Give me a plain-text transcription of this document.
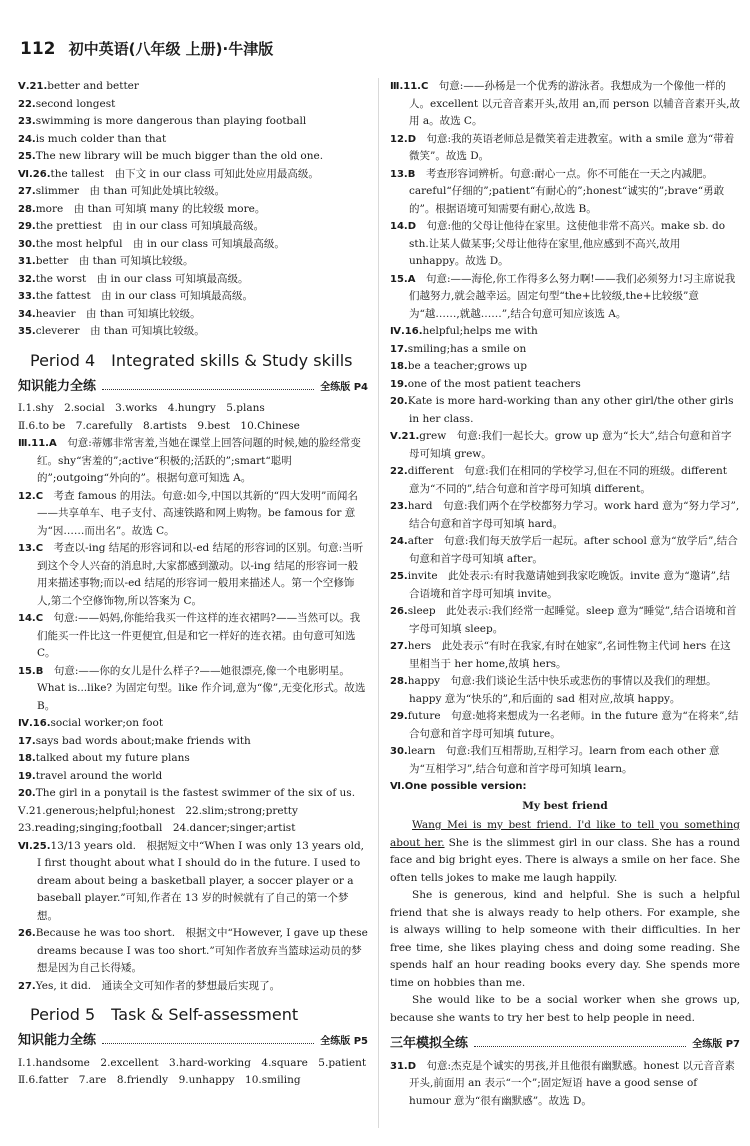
112 初中英语(八年级 上册)·牛津版

Ⅴ.21.better and better

22.second longest

23.swimming is more dangerous than playing football

24.is much colder than that

25.The new library will be much bigger than the old one.

Ⅵ.26.the tallest　由下文 in our class 可知此处应用最高级。

27.slimmer　由 than 可知此处填比较级。

28.more　由 than 可知填 many 的比较级 more。

29.the prettiest　由 in our class 可知填最高级。

30.the most helpful　由 in our class 可知填最高级。

31.better　由 than 可知填比较级。

32.the worst　由 in our class 可知填最高级。

33.the fattest　由 in our class 可知填最高级。

34.heavier　由 than 可知填比较级。

35.cleverer　由 than 可知填比较级。

Period 4　Integrated skills & Study skills
知识能力全练	全练版 P4

Ⅰ.1.shy　2.social　3.works　4.hungry　5.plans

Ⅱ.6.to be　7.carefully　8.artists　9.best　10.Chinese

Ⅲ.11.A　句意:蒂娜非常害羞,当她在课堂上回答问题的时候,她的脸经常变红。shy“害羞的”;active“积极的;活跃的”;smart“聪明的”;outgoing“外向的”。根据句意可知选 A。

12.C　考查 famous 的用法。句意:如今,中国以其新的“四大发明”而闻名——共享单车、电子支付、高速铁路和网上购物。be famous for 意为“因……而出名”。故选 C。

13.C　考查以-ing 结尾的形容词和以-ed 结尾的形容词的区别。句意:当听到这个令人兴奋的消息时,大家都感到激动。以-ing 结尾的形容词一般用来描述事物;而以-ed 结尾的形容词一般用来描述人。第一个空修饰人,第二个空修饰物,所以答案为 C。

14.C　句意:——妈妈,你能给我买一件这样的连衣裙吗?——当然可以。我们能买一件比这一件更便宜,但是和它一样好的连衣裙。由句意可知选 C。

15.B　句意:——你的女儿是什么样子?——她很漂亮,像一个电影明星。What is...like? 为固定句型。like 作介词,意为“像”,无变化形式。故选 B。

Ⅳ.16.social worker;on foot

17.says bad words about;make friends with

18.talked about my future plans

19.travel around the world

20.The girl in a ponytail is the fastest swimmer of the six of us.

Ⅴ.21.generous;helpful;honest　22.slim;strong;pretty

23.reading;singing;football　24.dancer;singer;artist

Ⅵ.25.13/13 years old.　根据短文中“When I was only 13 years old, I first thought about what I should do in the future. I used to dream about being a basketball player, a soccer player or a baseball player.”可知,作者在 13 岁的时候就有了自己的第一个梦想。

26.Because he was too short.　根据文中“However, I gave up these dreams because I was too short.”可知作者放弃当篮球运动员的梦想是因为自己长得矮。

27.Yes, it did.　通读全文可知作者的梦想最后实现了。

Period 5　Task & Self-assessment
知识能力全练	全练版 P5

Ⅰ.1.handsome　2.excellent　3.hard-working　4.square　5.patient

Ⅱ.6.fatter　7.are　8.friendly　9.unhappy　10.smiling

Ⅲ.11.C　句意:——孙杨是一个优秀的游泳者。我想成为一个像他一样的人。excellent 以元音音素开头,故用 an,而 person 以辅音音素开头,故用 a。故选 C。

12.D　句意:我的英语老师总是微笑着走进教室。with a smile 意为“带着微笑”。故选 D。

13.B　考查形容词辨析。句意:耐心一点。你不可能在一天之内减肥。careful“仔细的”;patient“有耐心的”;honest“诚实的”;brave“勇敢的”。根据语境可知需要有耐心,故选 B。

14.D　句意:他的父母让他待在家里。这使他非常不高兴。make sb. do sth.让某人做某事;父母让他待在家里,他应感到不高兴,故用 unhappy。故选 D。

15.A　句意:——海伦,你工作得多么努力啊!——我们必须努力!习主席说我们越努力,就会越幸运。固定句型“the+比较级,the+比较级”意为“越……,就越……”,结合句意可知应该选 A。

Ⅳ.16.helpful;helps me with

17.smiling;has a smile on

18.be a teacher;grows up

19.one of the most patient teachers

20.Kate is more hard-working than any other girl/the other girls in her class.

Ⅴ.21.grew　句意:我们一起长大。grow up 意为“长大”,结合句意和首字母可知填 grew。

22.different　句意:我们在相同的学校学习,但在不同的班级。different 意为“不同的”,结合句意和首字母可知填 different。

23.hard　句意:我们两个在学校都努力学习。work hard 意为“努力学习”,结合句意和首字母可知填 hard。

24.after　句意:我们每天放学后一起玩。after school 意为“放学后”,结合句意和首字母可知填 after。

25.invite　此处表示:有时我邀请她到我家吃晚饭。invite 意为“邀请”,结合语境和首字母可知填 invite。

26.sleep　此处表示:我们经常一起睡觉。sleep 意为“睡觉”,结合语境和首字母可知填 sleep。

27.hers　此处表示“有时在我家,有时在她家”,名词性物主代词 hers 在这里相当于 her home,故填 hers。

28.happy　句意:我们谈论生活中快乐或悲伤的事情以及我们的理想。happy 意为“快乐的”,和后面的 sad 相对应,故填 happy。

29.future　句意:她将来想成为一名老师。in the future 意为“在将来”,结合句意和首字母可知填 future。

30.learn　句意:我们互相帮助,互相学习。learn from each other 意为“互相学习”,结合句意和首字母可知填 learn。

Ⅵ.One possible version:

My best friend

Wang Mei is my best friend. I'd like to tell you something about her. She is the slimmest girl in our class. She has a round face and big bright eyes. There is always a smile on her face. She often tells jokes to make me laugh happily.

She is generous, kind and helpful. She is such a helpful friend that she is always ready to help others. For example, she is always willing to help someone with their difficulties. In her free time, she likes playing chess and doing some reading. She spends half an hour reading books every day. She spends more time on hobbies than me.

She would like to be a social worker when she grows up, because she wants to try her best to help people in need.

三年模拟全练	全练版 P7

31.D　句意:杰克是个诚实的男孩,并且他很有幽默感。honest 以元音音素开头,前面用 an 表示“一个”;固定短语 have a good sense of humour 意为“很有幽默感”。故选 D。
